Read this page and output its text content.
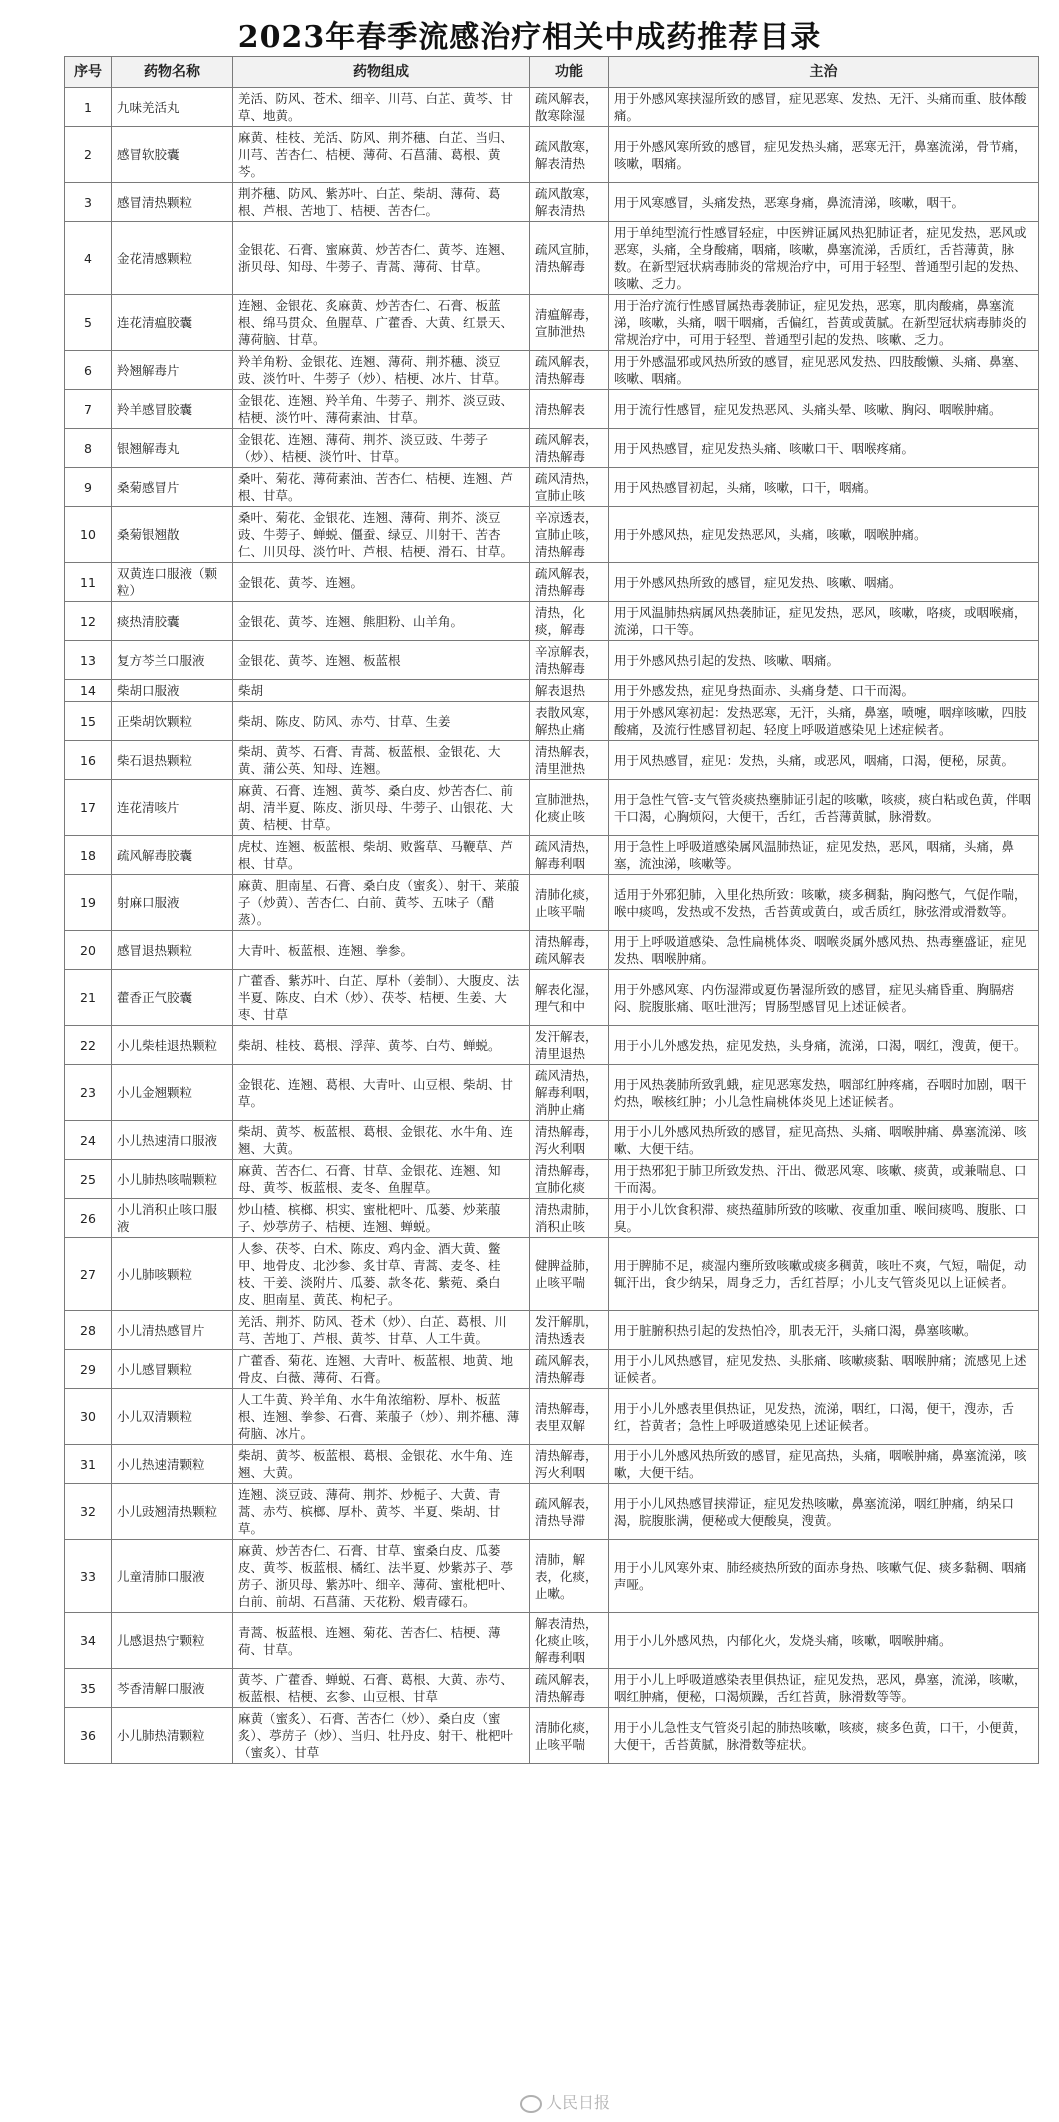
2023年春季流感治疗相关中成药推荐目录
序号	药物名称	药物组成	功能	主治
1	九味羌活丸	羌活、防风、苍术、细辛、川芎、白芷、黄芩、甘草、地黄。	疏风解表，散寒除湿	用于外感风寒挟湿所致的感冒，症见恶寒、发热、无汗、头痛而重、肢体酸痛。
2	感冒软胶囊	麻黄、桂枝、羌活、防风、荆芥穗、白芷、当归、川芎、苦杏仁、桔梗、薄荷、石菖蒲、葛根、黄芩。	疏风散寒，解表清热	用于外感风寒所致的感冒，症见发热头痛，恶寒无汗，鼻塞流涕，骨节痛，咳嗽，咽痛。
3	感冒清热颗粒	荆芥穗、防风、紫苏叶、白芷、柴胡、薄荷、葛根、芦根、苦地丁、桔梗、苦杏仁。	疏风散寒，解表清热	用于风寒感冒，头痛发热，恶寒身痛，鼻流清涕，咳嗽，咽干。
4	金花清感颗粒	金银花、石膏、蜜麻黄、炒苦杏仁、黄芩、连翘、浙贝母、知母、牛蒡子、青蒿、薄荷、甘草。	疏风宣肺，清热解毒	用于单纯型流行性感冒轻症，中医辨证属风热犯肺证者，症见发热，恶风或恶寒，头痛，全身酸痛，咽痛，咳嗽，鼻塞流涕，舌质红，舌苔薄黄，脉数。在新型冠状病毒肺炎的常规治疗中，可用于轻型、普通型引起的发热、咳嗽、乏力。
5	连花清瘟胶囊	连翘、金银花、炙麻黄、炒苦杏仁、石膏、板蓝根、绵马贯众、鱼腥草、广藿香、大黄、红景天、薄荷脑、甘草。	清瘟解毒，宣肺泄热	用于治疗流行性感冒属热毒袭肺证，症见发热，恶寒，肌肉酸痛，鼻塞流涕，咳嗽，头痛，咽干咽痛，舌偏红，苔黄或黄腻。在新型冠状病毒肺炎的常规治疗中，可用于轻型、普通型引起的发热、咳嗽、乏力。
6	羚翘解毒片	羚羊角粉、金银花、连翘、薄荷、荆芥穗、淡豆豉、淡竹叶、牛蒡子（炒）、桔梗、冰片、甘草。	疏风解表，清热解毒	用于外感温邪或风热所致的感冒，症见恶风发热、四肢酸懒、头痛、鼻塞、咳嗽、咽痛。
7	羚羊感冒胶囊	金银花、连翘、羚羊角、牛蒡子、荆芥、淡豆豉、桔梗、淡竹叶、薄荷素油、甘草。	清热解表	用于流行性感冒，症见发热恶风、头痛头晕、咳嗽、胸闷、咽喉肿痛。
8	银翘解毒丸	金银花、连翘、薄荷、荆芥、淡豆豉、牛蒡子（炒）、桔梗、淡竹叶、甘草。	疏风解表，清热解毒	用于风热感冒，症见发热头痛、咳嗽口干、咽喉疼痛。
9	桑菊感冒片	桑叶、菊花、薄荷素油、苦杏仁、桔梗、连翘、芦根、甘草。	疏风清热，宣肺止咳	用于风热感冒初起，头痛，咳嗽，口干，咽痛。
10	桑菊银翘散	桑叶、菊花、金银花、连翘、薄荷、荆芥、淡豆豉、牛蒡子、蝉蜕、僵蚕、绿豆、川射干、苦杏仁、川贝母、淡竹叶、芦根、桔梗、滑石、甘草。	辛凉透表，宣肺止咳，清热解毒	用于外感风热，症见发热恶风，头痛，咳嗽，咽喉肿痛。
11	双黄连口服液（颗粒）	金银花、黄芩、连翘。	疏风解表，清热解毒	用于外感风热所致的感冒，症见发热、咳嗽、咽痛。
12	痰热清胶囊	金银花、黄芩、连翘、熊胆粉、山羊角。	清热，化痰，解毒	用于风温肺热病属风热袭肺证，症见发热，恶风，咳嗽，咯痰，或咽喉痛，流涕，口干等。
13	复方芩兰口服液	金银花、黄芩、连翘、板蓝根	辛凉解表，清热解毒	用于外感风热引起的发热、咳嗽、咽痛。
14	柴胡口服液	柴胡	解表退热	用于外感发热，症见身热面赤、头痛身楚、口干而渴。
15	正柴胡饮颗粒	柴胡、陈皮、防风、赤芍、甘草、生姜	表散风寒，解热止痛	用于外感风寒初起：发热恶寒，无汗，头痛，鼻塞，喷嚏，咽痒咳嗽，四肢酸痛，及流行性感冒初起、轻度上呼吸道感染见上述症候者。
16	柴石退热颗粒	柴胡、黄芩、石膏、青蒿、板蓝根、金银花、大黄、蒲公英、知母、连翘。	清热解表，清里泄热	用于风热感冒，症见：发热，头痛，或恶风，咽痛，口渴，便秘，尿黄。
17	连花清咳片	麻黄、石膏、连翘、黄芩、桑白皮、炒苦杏仁、前胡、清半夏、陈皮、浙贝母、牛蒡子、山银花、大黄、桔梗、甘草。	宣肺泄热，化痰止咳	用于急性气管-支气管炎痰热壅肺证引起的咳嗽，咳痰，痰白粘或色黄，伴咽干口渴，心胸烦闷，大便干，舌红，舌苔薄黄腻，脉滑数。
18	疏风解毒胶囊	虎杖、连翘、板蓝根、柴胡、败酱草、马鞭草、芦根、甘草。	疏风清热，解毒利咽	用于急性上呼吸道感染属风温肺热证，症见发热，恶风，咽痛，头痛，鼻塞，流浊涕，咳嗽等。
19	射麻口服液	麻黄、胆南星、石膏、桑白皮（蜜炙）、射干、莱菔子（炒黄）、苦杏仁、白前、黄芩、五味子（醋蒸）。	清肺化痰，止咳平喘	适用于外邪犯肺，入里化热所致：咳嗽，痰多稠黏，胸闷憋气，气促作喘，喉中痰鸣，发热或不发热，舌苔黄或黄白，或舌质红，脉弦滑或滑数等。
20	感冒退热颗粒	大青叶、板蓝根、连翘、拳参。	清热解毒，疏风解表	用于上呼吸道感染、急性扁桃体炎、咽喉炎属外感风热、热毒壅盛证，症见发热、咽喉肿痛。
21	藿香正气胶囊	广藿香、紫苏叶、白芷、厚朴（姜制）、大腹皮、法半夏、陈皮、白术（炒）、茯苓、桔梗、生姜、大枣、甘草	解表化湿，理气和中	用于外感风寒、内伤湿滞或夏伤暑湿所致的感冒，症见头痛昏重、胸膈痞闷、脘腹胀痛、呕吐泄泻；胃肠型感冒见上述证候者。
22	小儿柴桂退热颗粒	柴胡、桂枝、葛根、浮萍、黄芩、白芍、蝉蜕。	发汗解表，清里退热	用于小儿外感发热，症见发热，头身痛，流涕，口渴，咽红，溲黄，便干。
23	小儿金翘颗粒	金银花、连翘、葛根、大青叶、山豆根、柴胡、甘草。	疏风清热，解毒利咽，消肿止痛	用于风热袭肺所致乳蛾，症见恶寒发热，咽部红肿疼痛，吞咽时加剧，咽干灼热，喉核红肿；小儿急性扁桃体炎见上述证候者。
24	小儿热速清口服液	柴胡、黄芩、板蓝根、葛根、金银花、水牛角、连翘、大黄。	清热解毒，泻火利咽	用于小儿外感风热所致的感冒，症见高热、头痛、咽喉肿痛、鼻塞流涕、咳嗽、大便干结。
25	小儿肺热咳喘颗粒	麻黄、苦杏仁、石膏、甘草、金银花、连翘、知母、黄芩、板蓝根、麦冬、鱼腥草。	清热解毒，宣肺化痰	用于热邪犯于肺卫所致发热、汗出、微恶风寒、咳嗽、痰黄，或兼喘息、口干而渴。
26	小儿消积止咳口服液	炒山楂、槟榔、枳实、蜜枇杷叶、瓜蒌、炒莱菔子、炒葶苈子、桔梗、连翘、蝉蜕。	清热肃肺，消积止咳	用于小儿饮食积滞、痰热蕴肺所致的咳嗽、夜重加重、喉间痰鸣、腹胀、口臭。
27	小儿肺咳颗粒	人参、茯苓、白术、陈皮、鸡内金、酒大黄、鳖甲、地骨皮、北沙参、炙甘草、青蒿、麦冬、桂枝、干姜、淡附片、瓜蒌、款冬花、紫菀、桑白皮、胆南星、黄芪、枸杞子。	健脾益肺，止咳平喘	用于脾肺不足，痰湿内壅所致咳嗽或痰多稠黄，咳吐不爽，气短，喘促，动辄汗出，食少纳呆，周身乏力，舌红苔厚；小儿支气管炎见以上证候者。
28	小儿清热感冒片	羌活、荆芥、防风、苍术（炒）、白芷、葛根、川芎、苦地丁、芦根、黄芩、甘草、人工牛黄。	发汗解肌，清热透表	用于脏腑积热引起的发热怕冷，肌表无汗，头痛口渴，鼻塞咳嗽。
29	小儿感冒颗粒	广藿香、菊花、连翘、大青叶、板蓝根、地黄、地骨皮、白薇、薄荷、石膏。	疏风解表，清热解毒	用于小儿风热感冒，症见发热、头胀痛、咳嗽痰黏、咽喉肿痛；流感见上述证候者。
30	小儿双清颗粒	人工牛黄、羚羊角、水牛角浓缩粉、厚朴、板蓝根、连翘、拳参、石膏、莱菔子（炒）、荆芥穗、薄荷脑、冰片。	清热解毒，表里双解	用于小儿外感表里俱热证，见发热，流涕，咽红，口渴，便干，溲赤，舌红，苔黄者；急性上呼吸道感染见上述证候者。
31	小儿热速清颗粒	柴胡、黄芩、板蓝根、葛根、金银花、水牛角、连翘、大黄。	清热解毒，泻火利咽	用于小儿外感风热所致的感冒，症见高热，头痛，咽喉肿痛，鼻塞流涕，咳嗽，大便干结。
32	小儿豉翘清热颗粒	连翘、淡豆豉、薄荷、荆芥、炒栀子、大黄、青蒿、赤芍、槟榔、厚朴、黄芩、半夏、柴胡、甘草。	疏风解表，清热导滞	用于小儿风热感冒挟滞证，症见发热咳嗽，鼻塞流涕，咽红肿痛，纳呆口渴，脘腹胀满，便秘或大便酸臭，溲黄。
33	儿童清肺口服液	麻黄、炒苦杏仁、石膏、甘草、蜜桑白皮、瓜蒌皮、黄芩、板蓝根、橘红、法半夏、炒紫苏子、葶苈子、浙贝母、紫苏叶、细辛、薄荷、蜜枇杷叶、白前、前胡、石菖蒲、天花粉、煅青礞石。	清肺，解表，化痰，止嗽。	用于小儿风寒外束、肺经痰热所致的面赤身热、咳嗽气促、痰多黏稠、咽痛声哑。
34	儿感退热宁颗粒	青蒿、板蓝根、连翘、菊花、苦杏仁、桔梗、薄荷、甘草。	解表清热，化痰止咳，解毒利咽	用于小儿外感风热，内郁化火，发烧头痛，咳嗽，咽喉肿痛。
35	芩香清解口服液	黄芩、广藿香、蝉蜕、石膏、葛根、大黄、赤芍、板蓝根、桔梗、玄参、山豆根、甘草	疏风解表，清热解毒	用于小儿上呼吸道感染表里俱热证，症见发热，恶风，鼻塞，流涕，咳嗽，咽红肿痛，便秘，口渴烦躁，舌红苔黄，脉滑数等等。
36	小儿肺热清颗粒	麻黄（蜜炙）、石膏、苦杏仁（炒）、桑白皮（蜜炙）、葶苈子（炒）、当归、牡丹皮、射干、枇杷叶（蜜炙）、甘草	清肺化痰，止咳平喘	用于小儿急性支气管炎引起的肺热咳嗽，咳痰，痰多色黄，口干，小便黄，大便干，舌苔黄腻，脉滑数等症状。
人民日报
